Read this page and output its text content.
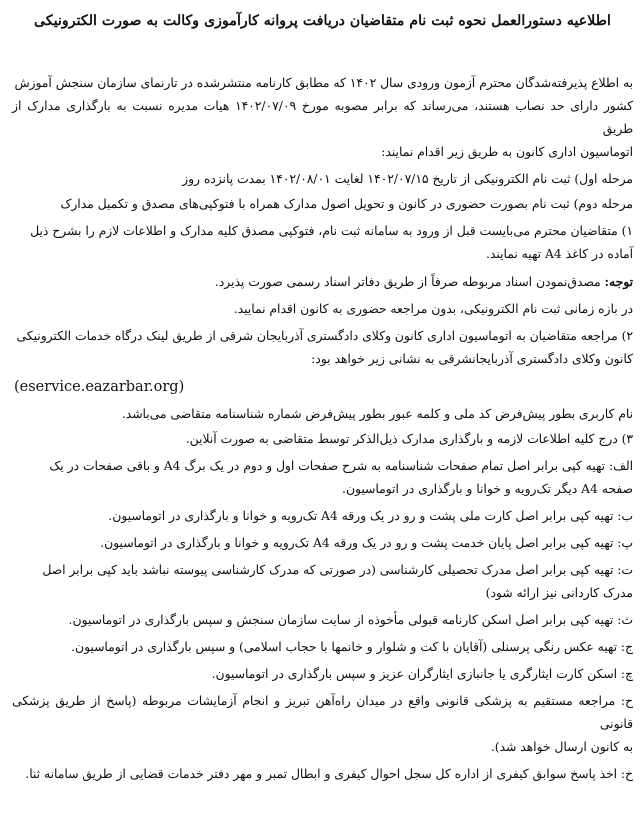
اطلاعیه دستورالعمل نحوه ثبت نام متقاضیان دریافت پروانه کارآموزی وکالت به صورت الکترونیکی
به اطلاع پذیرفته‌شدگان محترم آزمون ورودی سال ۱۴۰۲ که مطابق کارنامه منتشرشده در تارنمای سازمان سنجش آموزش
کشور دارای حد نصاب هستند، می‌رساند که برابر مصوبه مورخ ۱۴۰۲/۰۷/۰۹ هیات مدیره نسبت به بارگذاری مدارک از طریق
اتوماسیون اداری کانون به طریق زیر اقدام نمایند:
مرحله اول) ثبت نام الکترونیکی از تاریخ ۱۴۰۲/۰۷/۱۵ لغایت ۱۴۰۲/۰۸/۰۱ بمدت پانزده روز
مرحله دوم) ثبت نام بصورت حضوری در کانون و تحویل اصول مدارک همراه با فتوکپی‌های مصدق و تکمیل مدارک
۱) متقاضیان محترم می‌بایست قبل از ورود به سامانه ثبت نام، فتوکپی مصدق کلیه مدارک و اطلاعات لازم را بشرح ذیل
آماده در کاغذ A4 تهیه نمایند.
توجه: مصدق‌نمودن اسناد مربوطه صرفاً از طریق دفاتر اسناد رسمی صورت پذیرد.
در بازه زمانی ثبت نام الکترونیکی، بدون مراجعه حضوری به کانون اقدام نمایید.
۲) مراجعه متقاضیان به اتوماسیون اداری کانون وکلای دادگستری آذربایجان شرقی از طریق لینک درگاه خدمات الکترونیکی
کانون وکلای دادگستری آذربایجانشرقی به نشانی زیر خواهد بود:
(eservice.eazarbar.org)
نام کاربری بطور پیش‌فرض کد ملی و کلمه عبور بطور پیش‌فرض شماره شناسنامه متقاضی می‌باشد.
۳) درج کلیه اطلاعات لازمه و بارگذاری مدارک ذیل‌الذکر توسط متقاضی به صورت آنلاین.
الف: تهیه کپی برابر اصل تمام صفحات شناسنامه به شرح صفحات اول و دوم در یک برگ A4 و باقی صفحات در یک
صفحه A4 دیگر تک‌رویه و خوانا و بارگذاری در اتوماسیون.
ب: تهیه کپی برابر اصل کارت ملی پشت و رو در یک ورقه A4 تک‌رویه و خوانا و بارگذاری در اتوماسیون.
پ: تهیه کپی برابر اصل پایان خدمت پشت و رو در یک ورقه A4 تک‌رویه و خوانا و بارگذاری در اتوماسیون.
ت: تهیه کپی برابر اصل مدرک تحصیلی کارشناسی (در صورتی که مدرک کارشناسی پیوسته نباشد باید کپی برابر اصل
مدرک کاردانی نیز ارائه شود)
ث: تهیه کپی برابر اصل اسکن کارنامه قبولی مأخوذه از سایت سازمان سنجش و سپس بارگذاری در اتوماسیون.
ج: تهیه عکس رنگی پرسنلی (آقایان با کت و شلوار و خانمها با حجاب اسلامی) و سپس بارگذاری در اتوماسیون.
چ: اسکن کارت ایثارگری یا جانبازی ایثارگران عزیز و سپس بارگذاری در اتوماسیون.
ح: مراجعه مستقیم به پزشکی قانونی واقع در میدان راه‌آهن تبریز و انجام آزمایشات مربوطه (پاسخ از طریق پزشکی قانونی
به کانون ارسال خواهد شد).
خ: اخذ پاسخ سوابق کیفری از اداره کل سجل احوال کیفری و ابطال تمبر و مهر دفتر خدمات قضایی از طریق سامانه ثنا.
